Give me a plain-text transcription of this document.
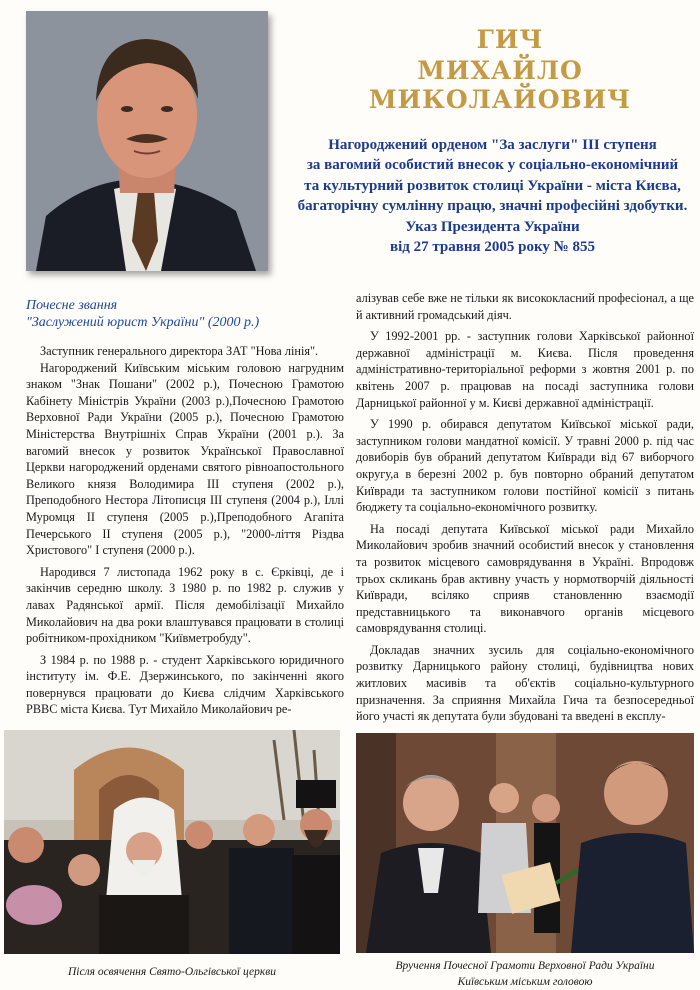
ГИЧ
МИХАЙЛО МИКОЛАЙОВИЧ
Нагороджений орденом "За заслуги" III ступеня
за вагомий особистий внесок у соціально-економічний
та культурний розвиток столиці України - міста Києва,
багаторічну сумлінну працю, значні професійні здобутки.
Указ Президента України
від 27 травня 2005 року № 855
Почесне звання
"Заслужений юрист України" (2000 р.)

Заступник генерального директора ЗАТ "Нова лінія".

Нагороджений Київським міським головою нагрудним знаком "Знак Пошани" (2002 р.), Почесною Грамотою Кабінету Міністрів України (2003 р.),Почесною Грамотою Верховної Ради України (2005 р.), Почесною Грамотою Міністерства Внутрішніх Справ України (2001 р.). За вагомий внесок у розвиток Української Православної Церкви нагороджений орденами святого рівноапостольного Великого князя Володимира III ступеня (2002 р.), Преподобного Нестора Літописця III ступеня (2004 р.), Іллі Муромця II ступеня (2005 р.),Преподобного Агапіта Печерського II ступеня (2005 р.), "2000-ліття Різдва Христового" I ступеня (2000 р.).

Народився 7 листопада 1962 року в с. Єрківці, де і закінчив середню школу. З 1980 р. по 1982 р. служив у лавах Радянської армії. Після демобілізації Михайло Миколайович на два роки влаштувався працювати в столиці робітником-прохідником "Київметробуду".

З 1984 р. по 1988 р. - студент Харківського юридичного інституту ім. Ф.Е. Дзержинського, по закінченні якого повернувся працювати до Києва слідчим Харківського РВВС міста Києва. Тут Михайло Миколайович ре-

алізував себе вже не тільки як висококласний професіонал, а ще й активний громадський діяч.

У 1992-2001 рр. - заступник голови Харківської районної державної адміністрації м. Києва. Після проведення адміністративно-територіальної реформи з жовтня 2001 р. по квітень 2007 р. працював на посаді заступника голови Дарницької районної у м. Києві державної адміністрації.

У 1990 р. обирався депутатом Київської міської ради, заступником голови мандатної комісії. У травні 2000 р. під час довиборів був обраний депутатом Київради від 67 виборчого округу,а в березні 2002 р. був повторно обраний депутатом Київради та заступником голови постійної комісії з питань бюджету та соціально-економічного розвитку.

На посаді депутата Київської міської ради Михайло Миколайович зробив значний особистий внесок у становлення та розвиток місцевого самоврядування в Україні. Впродовж трьох скликань брав активну участь у нормотворчій діяльності Київради, всіляко сприяв становленню взаємодії представницького та виконавчого органів місцевого самоврядування столиці.

Докладав значних зусиль для соціально-економічного розвитку Дарницького району столиці, будівництва нових житлових масивів та об'єктів соціально-культурного призначення. За сприяння Михайла Гича та безпосередньої його участі як депутата були збудовані та введені в експлу-

Після освячення Свято-Ольгівської церкви	Вручення Почесної Грамоти Верховної Ради України
Київським міським головою
